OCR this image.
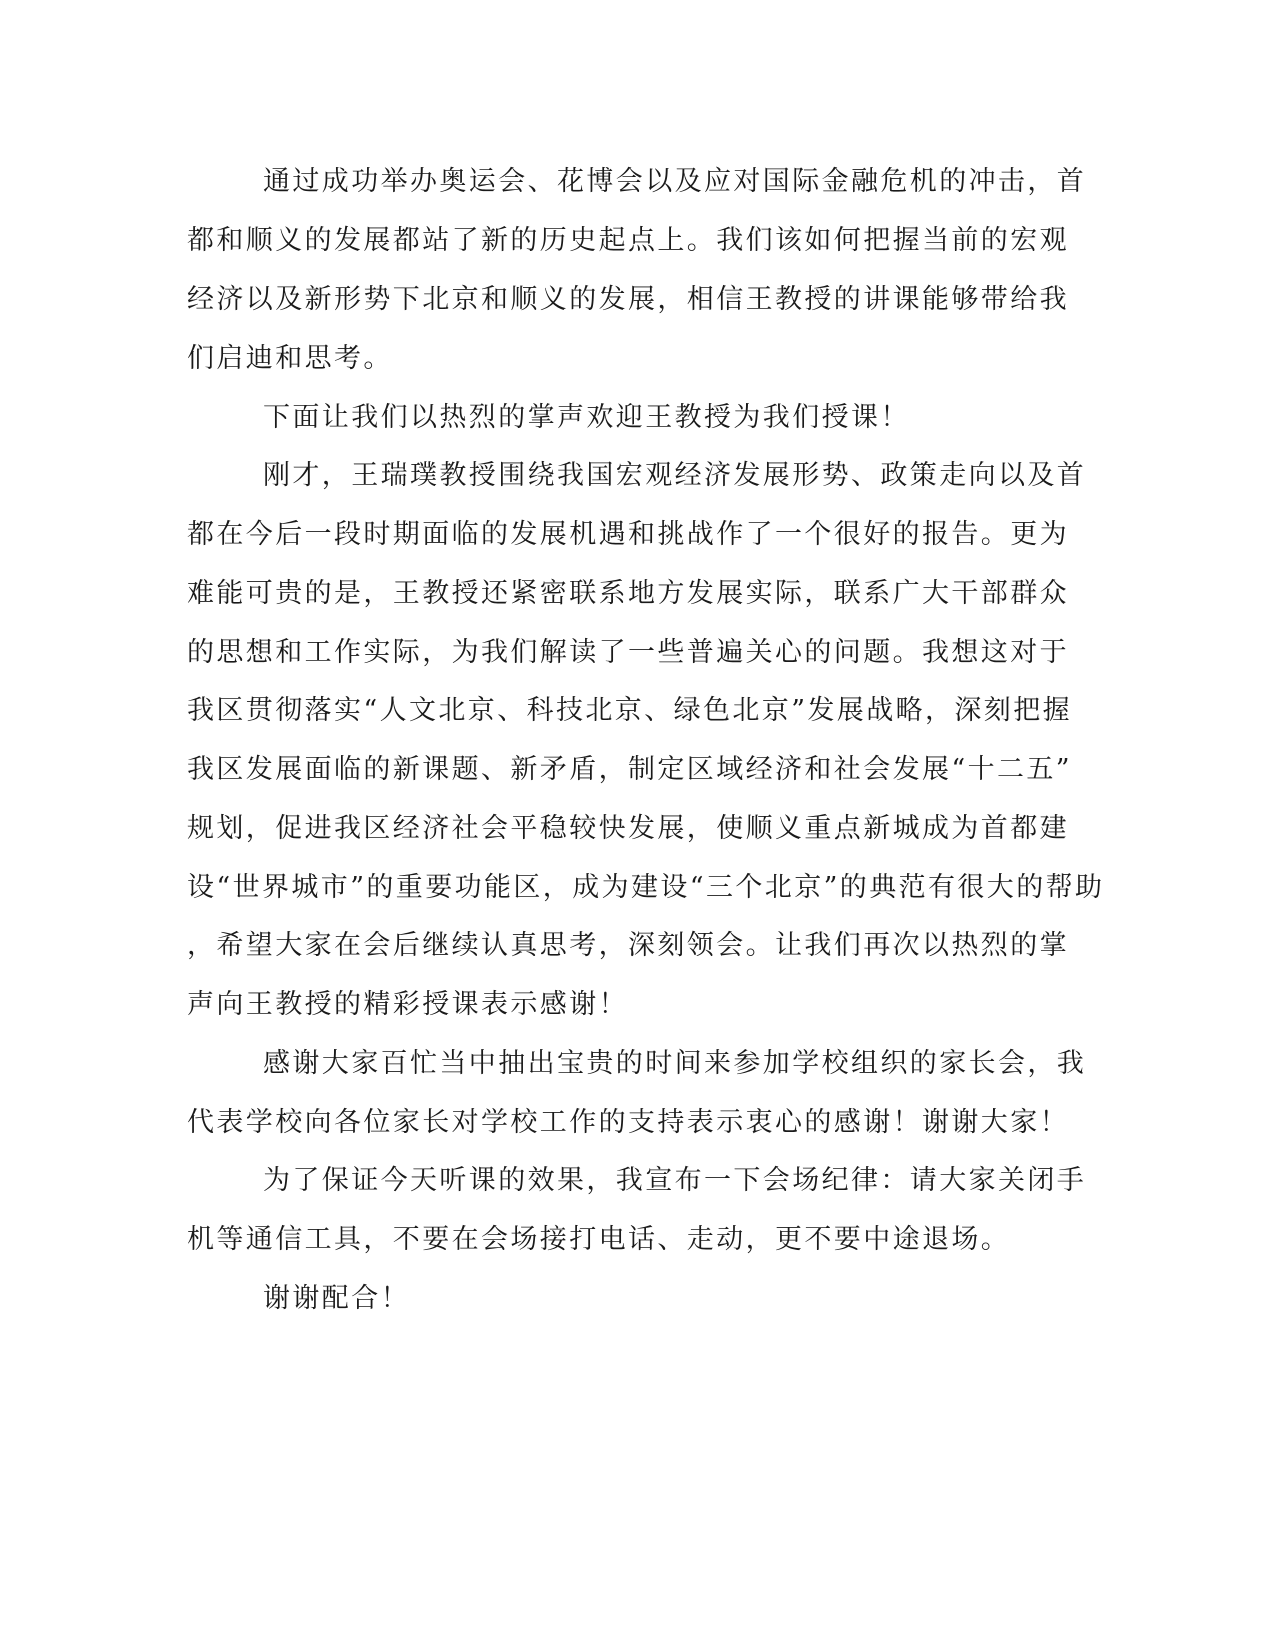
通过成功举办奥运会、花博会以及应对国际金融危机的冲击，首
都和顺义的发展都站了新的历史起点上。我们该如何把握当前的宏观
经济以及新形势下北京和顺义的发展，相信王教授的讲课能够带给我
们启迪和思考。
下面让我们以热烈的掌声欢迎王教授为我们授课！
刚才，王瑞璞教授围绕我国宏观经济发展形势、政策走向以及首
都在今后一段时期面临的发展机遇和挑战作了一个很好的报告。更为
难能可贵的是，王教授还紧密联系地方发展实际，联系广大干部群众
的思想和工作实际，为我们解读了一些普遍关心的问题。我想这对于
我区贯彻落实“人文北京、科技北京、绿色北京”发展战略，深刻把握
我区发展面临的新课题、新矛盾，制定区域经济和社会发展“十二五”
规划，促进我区经济社会平稳较快发展，使顺义重点新城成为首都建
设“世界城市”的重要功能区，成为建设“三个北京”的典范有很大的帮助
，希望大家在会后继续认真思考，深刻领会。让我们再次以热烈的掌
声向王教授的精彩授课表示感谢！
感谢大家百忙当中抽出宝贵的时间来参加学校组织的家长会，我
代表学校向各位家长对学校工作的支持表示衷心的感谢！谢谢大家！
为了保证今天听课的效果，我宣布一下会场纪律：请大家关闭手
机等通信工具，不要在会场接打电话、走动，更不要中途退场。
谢谢配合！
